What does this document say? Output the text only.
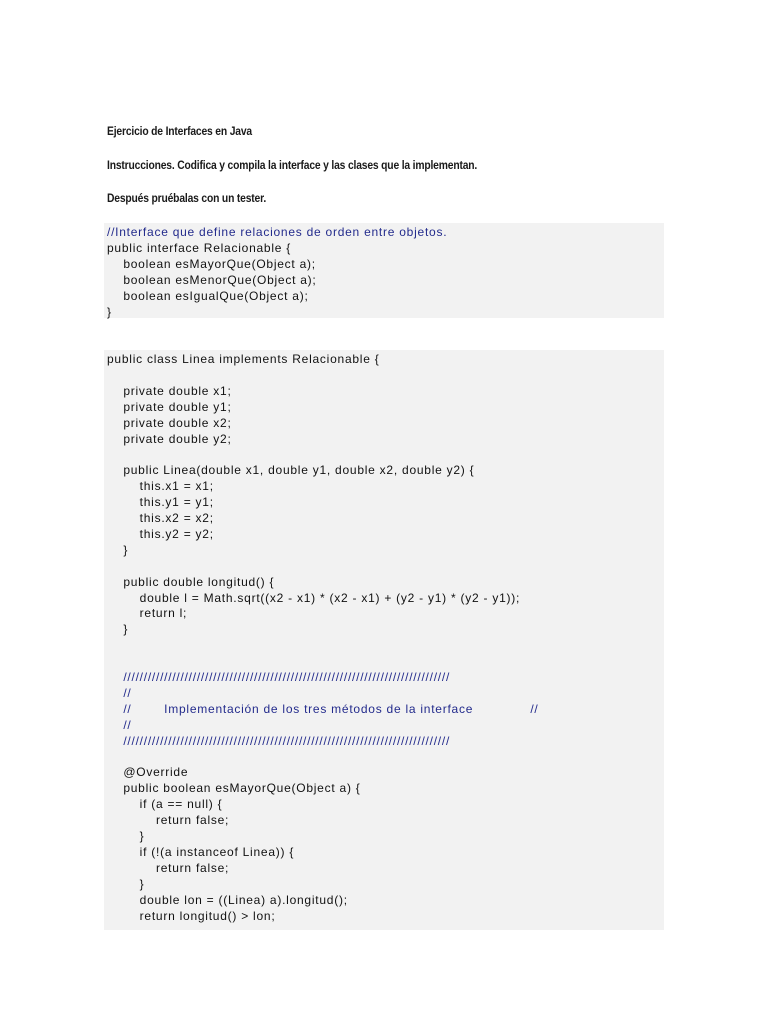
Ejercicio de Interfaces en Java
Instrucciones. Codifica y compila la interface y las clases que la implementan.
Después pruébalas con un tester.
//Interface que define relaciones de orden entre objetos.
public interface Relacionable {
boolean esMayorQue(Object a);
boolean esMenorQue(Object a);
boolean esIgualQue(Object a);
}
public class Linea implements Relacionable {
private double x1;
private double y1;
private double x2;
private double y2;
public Linea(double x1, double y1, double x2, double y2) {
this.x1 = x1;
this.y1 = y1;
this.x2 = x2;
this.y2 = y2;
}
public double longitud() {
double l = Math.sqrt((x2 - x1) * (x2 - x1) + (y2 - y1) * (y2 - y1));
return l;
}
////////////////////////////////////////////////////////////////////////////////
//
//        Implementación de los tres métodos de la interface              //
//
////////////////////////////////////////////////////////////////////////////////
@Override
public boolean esMayorQue(Object a) {
if (a == null) {
return false;
}
if (!(a instanceof Linea)) {
return false;
}
double lon = ((Linea) a).longitud();
return longitud() > lon;
